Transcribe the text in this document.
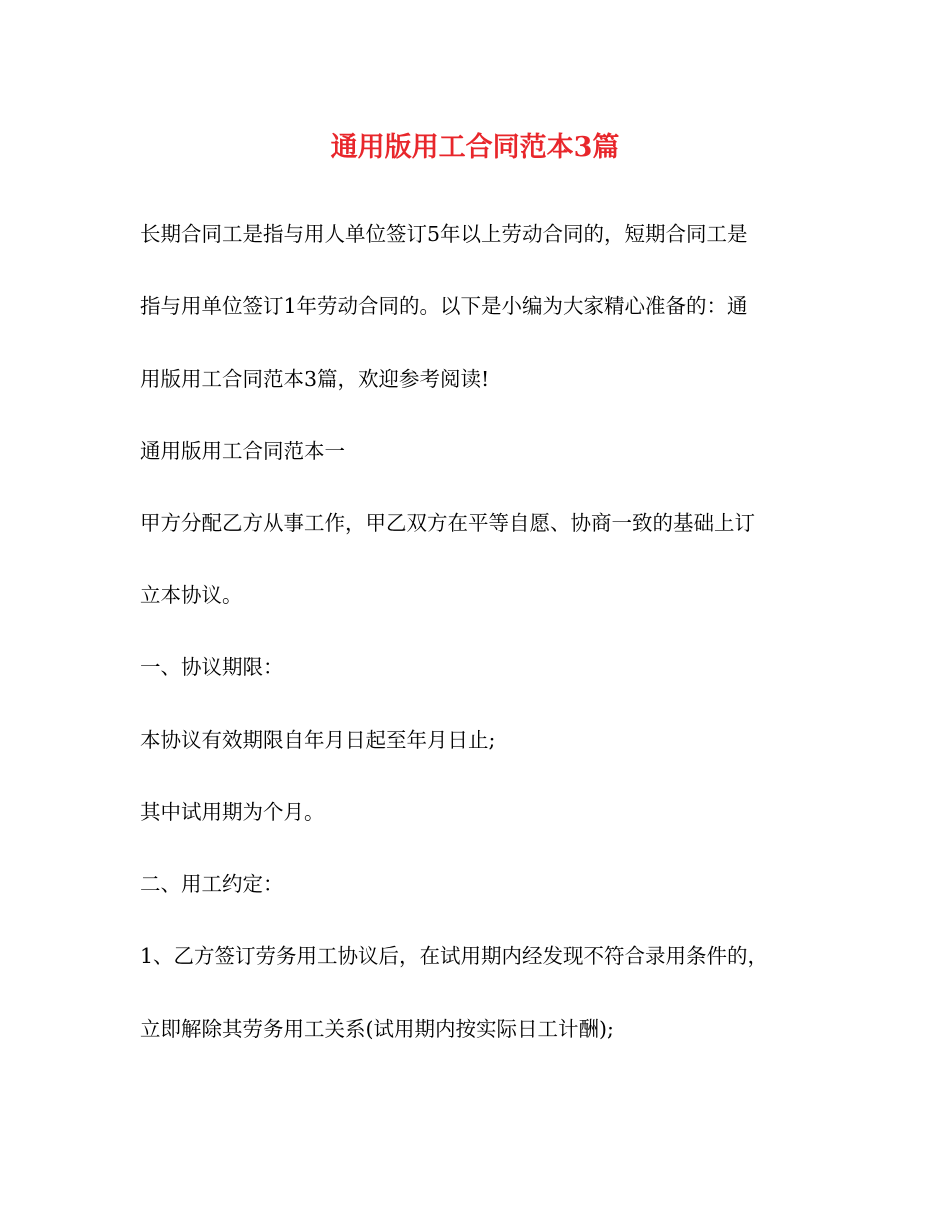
通用版用工合同范本3篇
长期合同工是指与用人单位签订5年以上劳动合同的，短期合同工是
指与用单位签订1年劳动合同的。以下是小编为大家精心准备的：通
用版用工合同范本3篇，欢迎参考阅读!
通用版用工合同范本一
甲方分配乙方从事工作，甲乙双方在平等自愿、协商一致的基础上订
立本协议。
一、协议期限：
本协议有效期限自年月日起至年月日止;
其中试用期为个月。
二、用工约定：
1、乙方签订劳务用工协议后，在试用期内经发现不符合录用条件的，
立即解除其劳务用工关系(试用期内按实际日工计酬);
